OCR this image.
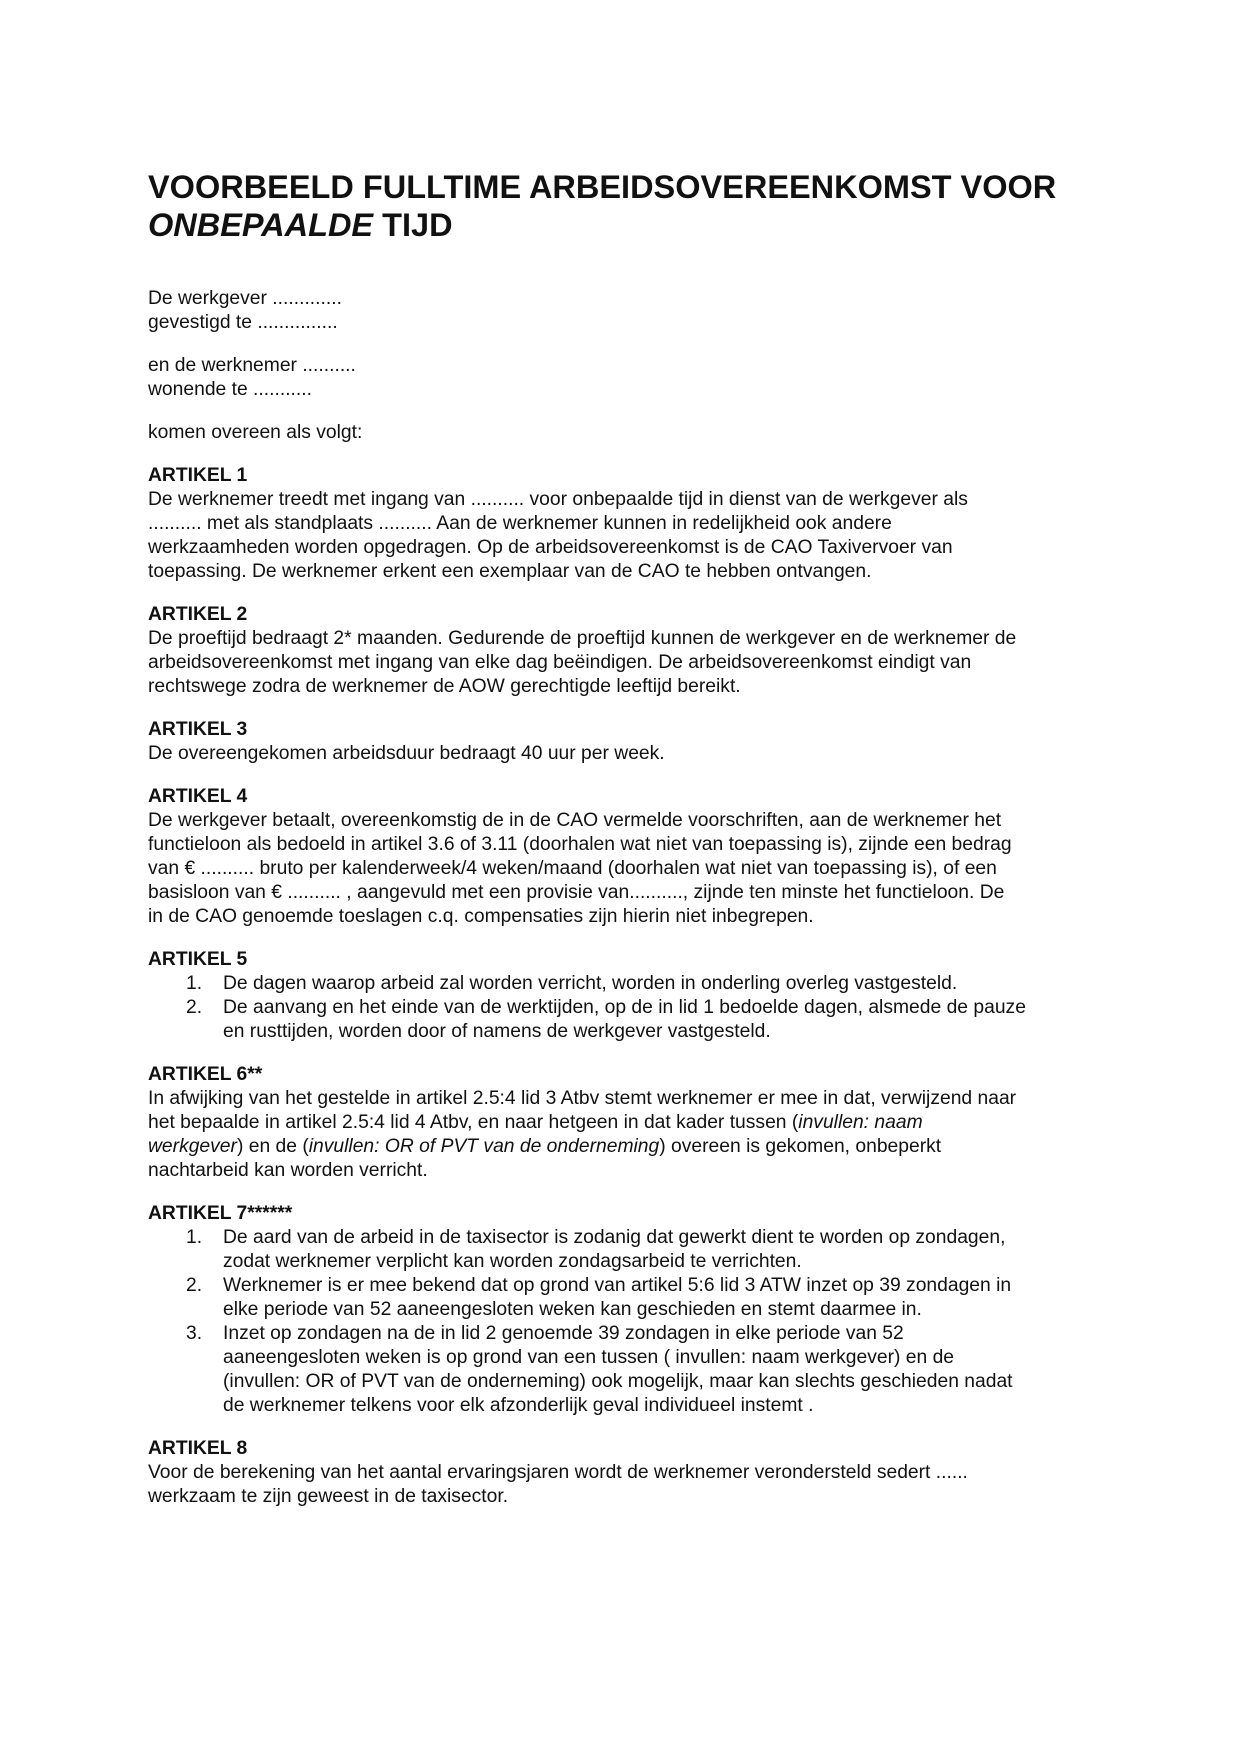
VOORBEELD FULLTIME ARBEIDSOVEREENKOMST VOOR
ONBEPAALDE TIJD
De werkgever .............
gevestigd te ...............
en de werknemer ..........
wonende te ...........
komen overeen als volgt:
ARTIKEL 1
De werknemer treedt met ingang van .......... voor onbepaalde tijd in dienst van de werkgever als
.......... met als standplaats .......... Aan de werknemer kunnen in redelijkheid ook andere
werkzaamheden worden opgedragen. Op de arbeidsovereenkomst is de CAO Taxivervoer van
toepassing. De werknemer erkent een exemplaar van de CAO te hebben ontvangen.
ARTIKEL 2
De proeftijd bedraagt 2* maanden. Gedurende de proeftijd kunnen de werkgever en de werknemer de
arbeidsovereenkomst met ingang van elke dag beëindigen. De arbeidsovereenkomst eindigt van
rechtswege zodra de werknemer de AOW gerechtigde leeftijd bereikt.
ARTIKEL 3
De overeengekomen arbeidsduur bedraagt 40 uur per week.
ARTIKEL 4
De werkgever betaalt, overeenkomstig de in de CAO vermelde voorschriften, aan de werknemer het
functieloon als bedoeld in artikel 3.6 of 3.11 (doorhalen wat niet van toepassing is), zijnde een bedrag
van € .......... bruto per kalenderweek/4 weken/maand (doorhalen wat niet van toepassing is), of een
basisloon van € .......... , aangevuld met een provisie van.........., zijnde ten minste het functieloon. De
in de CAO genoemde toeslagen c.q. compensaties zijn hierin niet inbegrepen.
ARTIKEL 5
1. De dagen waarop arbeid zal worden verricht, worden in onderling overleg vastgesteld.
2. De aanvang en het einde van de werktijden, op de in lid 1 bedoelde dagen, alsmede de pauze
en rusttijden, worden door of namens de werkgever vastgesteld.
ARTIKEL 6**
In afwijking van het gestelde in artikel 2.5:4 lid 3 Atbv stemt werknemer er mee in dat, verwijzend naar
het bepaalde in artikel 2.5:4 lid 4 Atbv, en naar hetgeen in dat kader tussen (invullen: naam
werkgever) en de (invullen: OR of PVT van de onderneming) overeen is gekomen, onbeperkt
nachtarbeid kan worden verricht.
ARTIKEL 7******
1. De aard van de arbeid in de taxisector is zodanig dat gewerkt dient te worden op zondagen,
zodat werknemer verplicht kan worden zondagsarbeid te verrichten.
2. Werknemer is er mee bekend dat op grond van artikel 5:6 lid 3 ATW inzet op 39 zondagen in
elke periode van 52 aaneengesloten weken kan geschieden en stemt daarmee in.
3. Inzet op zondagen na de in lid 2 genoemde 39 zondagen in elke periode van 52
aaneengesloten weken is op grond van een tussen ( invullen: naam werkgever) en de
(invullen: OR of PVT van de onderneming) ook mogelijk, maar kan slechts geschieden nadat
de werknemer telkens voor elk afzonderlijk geval individueel instemt .
ARTIKEL 8
Voor de berekening van het aantal ervaringsjaren wordt de werknemer verondersteld sedert ......
werkzaam te zijn geweest in de taxisector.
